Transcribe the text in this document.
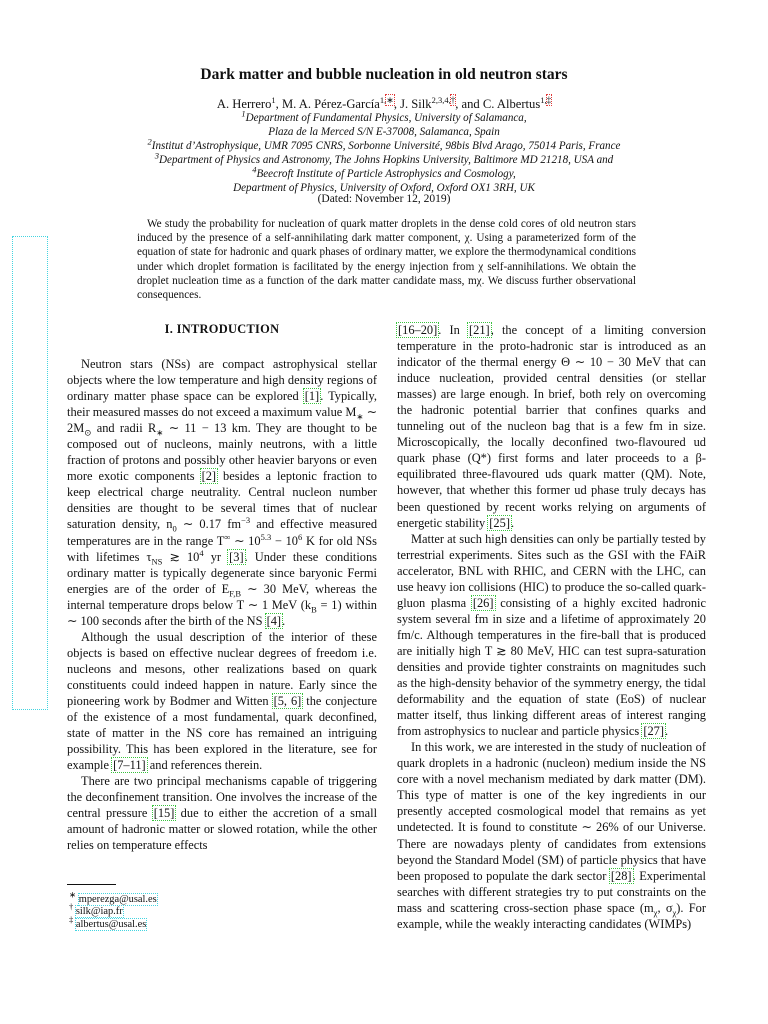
Dark matter and bubble nucleation in old neutron stars
A. Herrero$^1$, M. A. Pérez-García$^{1,∗}$, J. Silk$^{2,3,4,\dagger}$, and C. Albertus$^{1,\ddagger}$
$^1$Department of Fundamental Physics, University of Salamanca,
Plaza de la Merced S/N E-37008, Salamanca, Spain
$^2$Institut d’Astrophysique, UMR 7095 CNRS, Sorbonne Université, 98bis Blvd Arago, 75014 Paris, France
$^3$Department of Physics and Astronomy, The Johns Hopkins University, Baltimore MD 21218, USA and
$^4$Beecroft Institute of Particle Astrophysics and Cosmology,
Department of Physics, University of Oxford, Oxford OX1 3RH, UK
(Dated: November 12, 2019)
We study the probability for nucleation of quark matter droplets in the dense cold cores of old neutron stars induced by the presence of a self-annihilating dark matter component, χ. Using a parameterized form of the equation of state for hadronic and quark phases of ordinary matter, we explore the thermodynamical conditions under which droplet formation is facilitated by the energy injection from χ self-annihilations. We obtain the droplet nucleation time as a function of the dark matter candidate mass, mχ. We discuss further observational consequences.
I. INTRODUCTION

Neutron stars (NSs) are compact astrophysical stellar objects where the low temperature and high density regions of ordinary matter phase space can be explored [1]. Typically, their measured masses do not exceed a maximum value $M_∗$ ∼ $2M_⊙$ and radii $R_∗$ ∼ 11 − 13 km. They are thought to be composed out of nucleons, mainly neutrons, with a little fraction of protons and possibly other heavier baryons or even more exotic components [2] besides a leptonic fraction to keep electrical charge neutrality. Central nucleon number densities are thought to be several times that of nuclear saturation density, $n_0$ ∼ 0.17 $fm^{-3}$ and effective measured temperatures are in the range T∞ ∼ $10^{5.3} - 10^6$ K for old NSs with lifetimes $\tau_{NS}$ ≳ $10^4$ yr [3]. Under these conditions ordinary matter is typically degenerate since baryonic Fermi energies are of the order of $E_{F,B}$ ∼ 30 MeV, whereas the internal temperature drops below T ∼ 1 MeV $(k_B = 1)$ within ∼ 100 seconds after the birth of the NS [4].

Although the usual description of the interior of these objects is based on effective nuclear degrees of freedom i.e. nucleons and mesons, other realizations based on quark constituents could indeed happen in nature. Early since the pioneering work by Bodmer and Witten [5, 6] the conjecture of the existence of a most fundamental, quark deconfined, state of matter in the NS core has remained an intriguing possibility. This has been explored in the literature, see for example [7–11] and references therein.

There are two principal mechanisms capable of triggering the deconfinement transition. One involves the increase of the central pressure [15] due to either the accretion of a small amount of hadronic matter or slowed rotation, while the other relies on temperature effects

[16–20]. In [21], the concept of a limiting conversion temperature in the proto-hadronic star is introduced as an indicator of the thermal energy Θ ∼ 10 − 30 MeV that can induce nucleation, provided central densities (or stellar masses) are large enough. In brief, both rely on overcoming the hadronic potential barrier that confines quarks and tunneling out of the nucleon bag that is a few fm in size. Microscopically, the locally deconfined two-flavoured ud quark phase (Q*) first forms and later proceeds to a β-equilibrated three-flavoured uds quark matter (QM). Note, however, that whether this former ud phase truly decays has been questioned by recent works relying on arguments of energetic stability [25].

Matter at such high densities can only be partially tested by terrestrial experiments. Sites such as the GSI with the FAiR accelerator, BNL with RHIC, and CERN with the LHC, can use heavy ion collisions (HIC) to produce the so-called quark-gluon plasma [26] consisting of a highly excited hadronic system several fm in size and a lifetime of approximately 20 fm/c. Although temperatures in the fire-ball that is produced are initially high T ≳ 80 MeV, HIC can test supra-saturation densities and provide tighter constraints on magnitudes such as the high-density behavior of the symmetry energy, the tidal deformability and the equation of state (EoS) of nuclear matter itself, thus linking different areas of interest ranging from astrophysics to nuclear and particle physics [27].

In this work, we are interested in the study of nucleation of quark droplets in a hadronic (nucleon) medium inside the NS core with a novel mechanism mediated by dark matter (DM). This type of matter is one of the key ingredients in our presently accepted cosmological model that remains as yet undetected. It is found to constitute ∼ 26% of our Universe. There are nowadays plenty of candidates from extensions beyond the Standard Model (SM) of particle physics that have been proposed to populate the dark sector [28]. Experimental searches with different strategies try to put constraints on the mass and scattering cross-section phase space ($m_\chi$, $\sigma_\chi$). For example, while the weakly interacting candidates (WIMPs)

∗ mperezga@usal.es
† silk@iap.fr
‡ albertus@usal.es
